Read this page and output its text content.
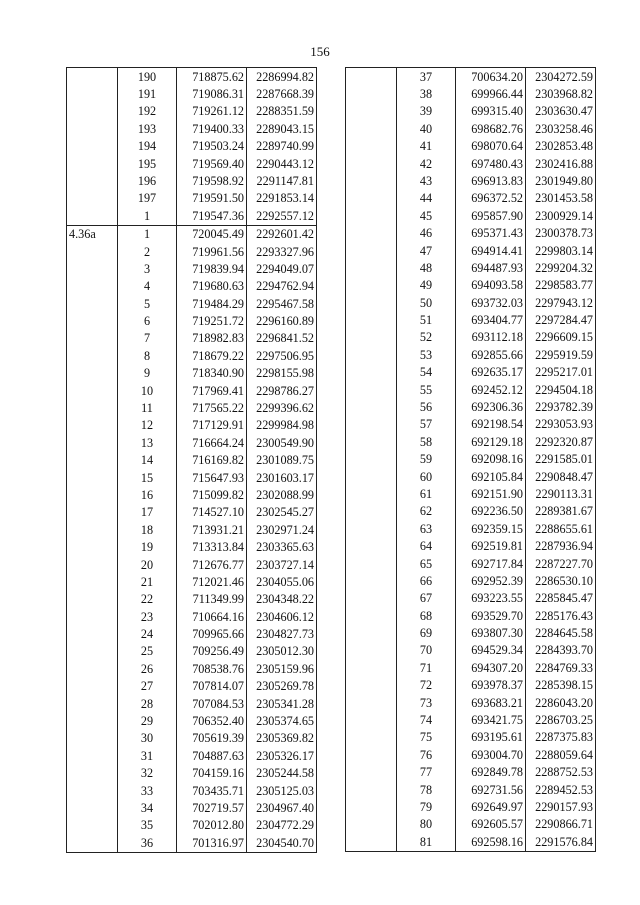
156
	190	718875.62	2286994.82
	191	719086.31	2287668.39
	192	719261.12	2288351.59
	193	719400.33	2289043.15
	194	719503.24	2289740.99
	195	719569.40	2290443.12
	196	719598.92	2291147.81
	197	719591.50	2291853.14
	1	719547.36	2292557.12
4.36a	1	720045.49	2292601.42
	2	719961.56	2293327.96
	3	719839.94	2294049.07
	4	719680.63	2294762.94
	5	719484.29	2295467.58
	6	719251.72	2296160.89
	7	718982.83	2296841.52
	8	718679.22	2297506.95
	9	718340.90	2298155.98
	10	717969.41	2298786.27
	11	717565.22	2299396.62
	12	717129.91	2299984.98
	13	716664.24	2300549.90
	14	716169.82	2301089.75
	15	715647.93	2301603.17
	16	715099.82	2302088.99
	17	714527.10	2302545.27
	18	713931.21	2302971.24
	19	713313.84	2303365.63
	20	712676.77	2303727.14
	21	712021.46	2304055.06
	22	711349.99	2304348.22
	23	710664.16	2304606.12
	24	709965.66	2304827.73
	25	709256.49	2305012.30
	26	708538.76	2305159.96
	27	707814.07	2305269.78
	28	707084.53	2305341.28
	29	706352.40	2305374.65
	30	705619.39	2305369.82
	31	704887.63	2305326.17
	32	704159.16	2305244.58
	33	703435.71	2305125.03
	34	702719.57	2304967.40
	35	702012.80	2304772.29
	36	701316.97	2304540.70
	37	700634.20	2304272.59
	38	699966.44	2303968.82
	39	699315.40	2303630.47
	40	698682.76	2303258.46
	41	698070.64	2302853.48
	42	697480.43	2302416.88
	43	696913.83	2301949.80
	44	696372.52	2301453.58
	45	695857.90	2300929.14
	46	695371.43	2300378.73
	47	694914.41	2299803.14
	48	694487.93	2299204.32
	49	694093.58	2298583.77
	50	693732.03	2297943.12
	51	693404.77	2297284.47
	52	693112.18	2296609.15
	53	692855.66	2295919.59
	54	692635.17	2295217.01
	55	692452.12	2294504.18
	56	692306.36	2293782.39
	57	692198.54	2293053.93
	58	692129.18	2292320.87
	59	692098.16	2291585.01
	60	692105.84	2290848.47
	61	692151.90	2290113.31
	62	692236.50	2289381.67
	63	692359.15	2288655.61
	64	692519.81	2287936.94
	65	692717.84	2287227.70
	66	692952.39	2286530.10
	67	693223.55	2285845.47
	68	693529.70	2285176.43
	69	693807.30	2284645.58
	70	694529.34	2284393.70
	71	694307.20	2284769.33
	72	693978.37	2285398.15
	73	693683.21	2286043.20
	74	693421.75	2286703.25
	75	693195.61	2287375.83
	76	693004.70	2288059.64
	77	692849.78	2288752.53
	78	692731.56	2289452.53
	79	692649.97	2290157.93
	80	692605.57	2290866.71
	81	692598.16	2291576.84
